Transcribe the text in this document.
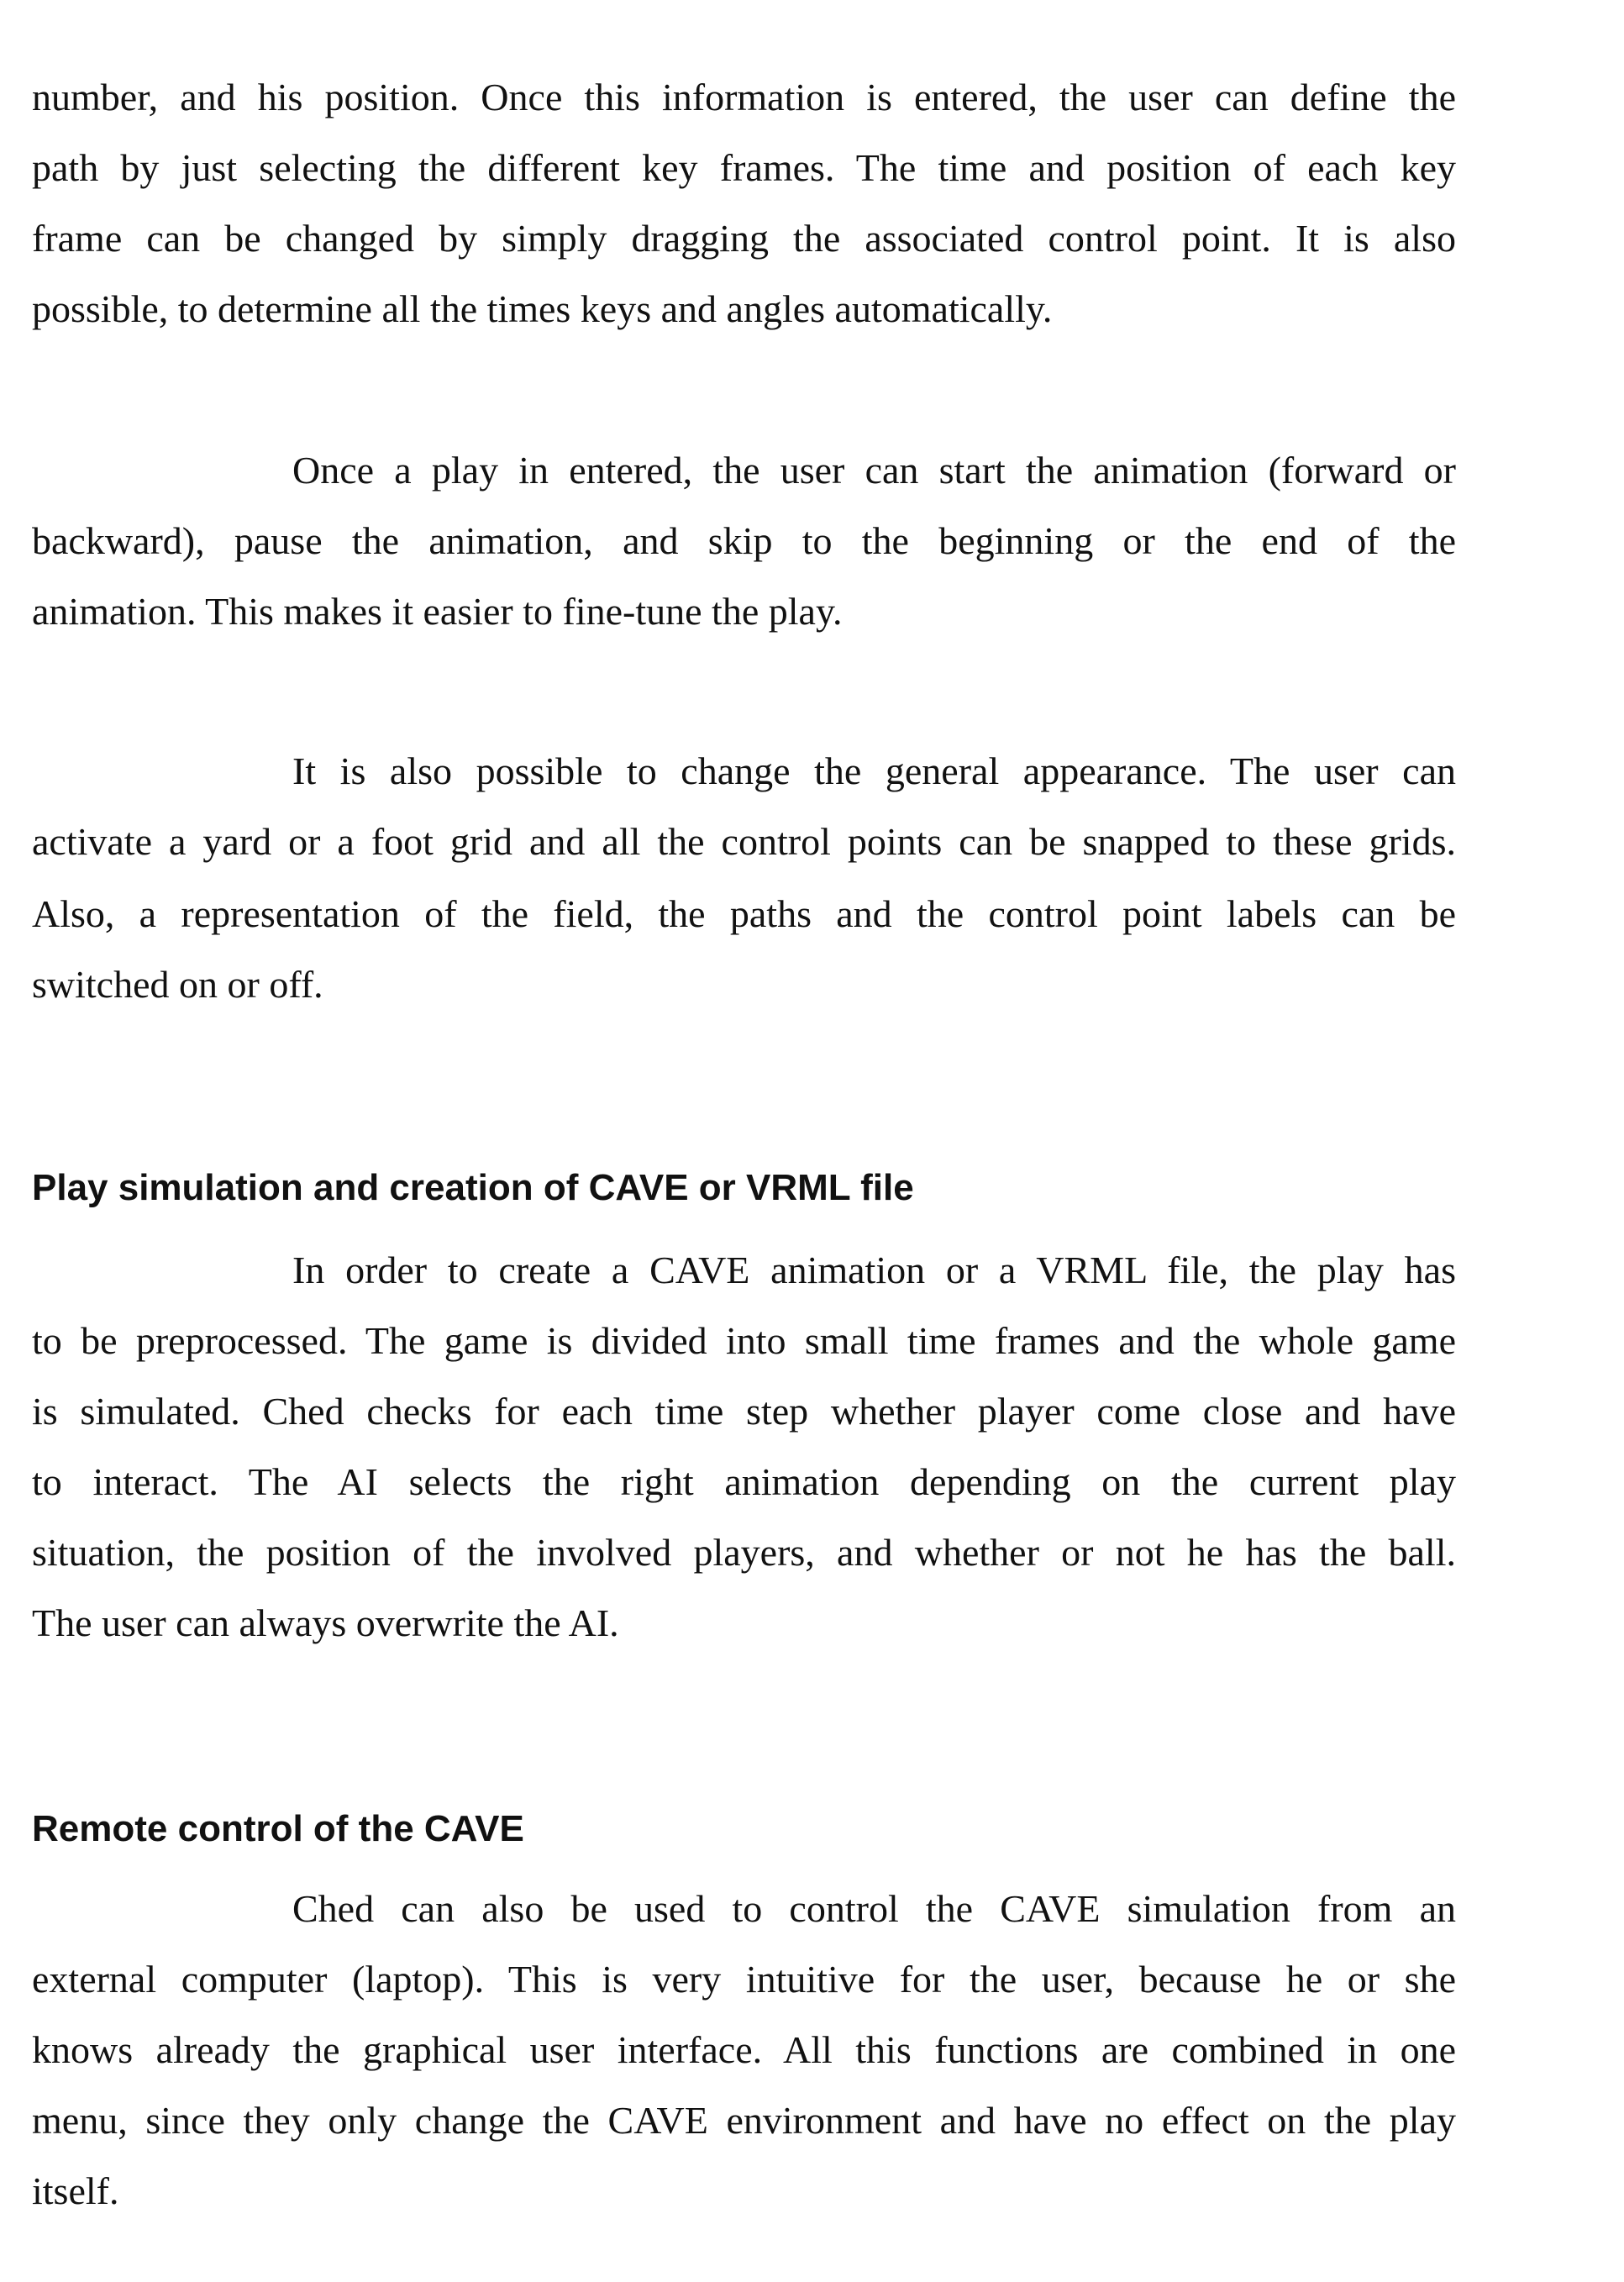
number, and his position. Once this information is entered, the user can define the
path by just selecting the different key frames. The time and position of each key
frame can be changed by simply dragging the associated control point. It is also
possible, to determine all the times keys and angles automatically.
Once a play in entered, the user can start the animation (forward or
backward), pause the animation, and skip to the beginning or the end of the
animation. This makes it easier to fine-tune the play.
It is also possible to change the general appearance. The user can
activate a yard or a foot grid and all the control points can be snapped to these grids.
Also, a representation of the field, the paths and the control point labels can be
switched on or off.
Play simulation and creation of CAVE or VRML file
In order to create a CAVE animation or a VRML file, the play has
to be preprocessed. The game is divided into small time frames and the whole game
is simulated. Ched checks for each time step whether player come close and have
to interact. The AI selects the right animation depending on the current play
situation, the position of the involved players, and whether or not he has the ball.
The user can always overwrite the AI.
Remote control of the CAVE
Ched can also be used to control the CAVE simulation from an
external computer (laptop). This is very intuitive for the user, because he or she
knows already the graphical user interface. All this functions are combined in one
menu, since they only change the CAVE environment and have no effect on the play
itself.
